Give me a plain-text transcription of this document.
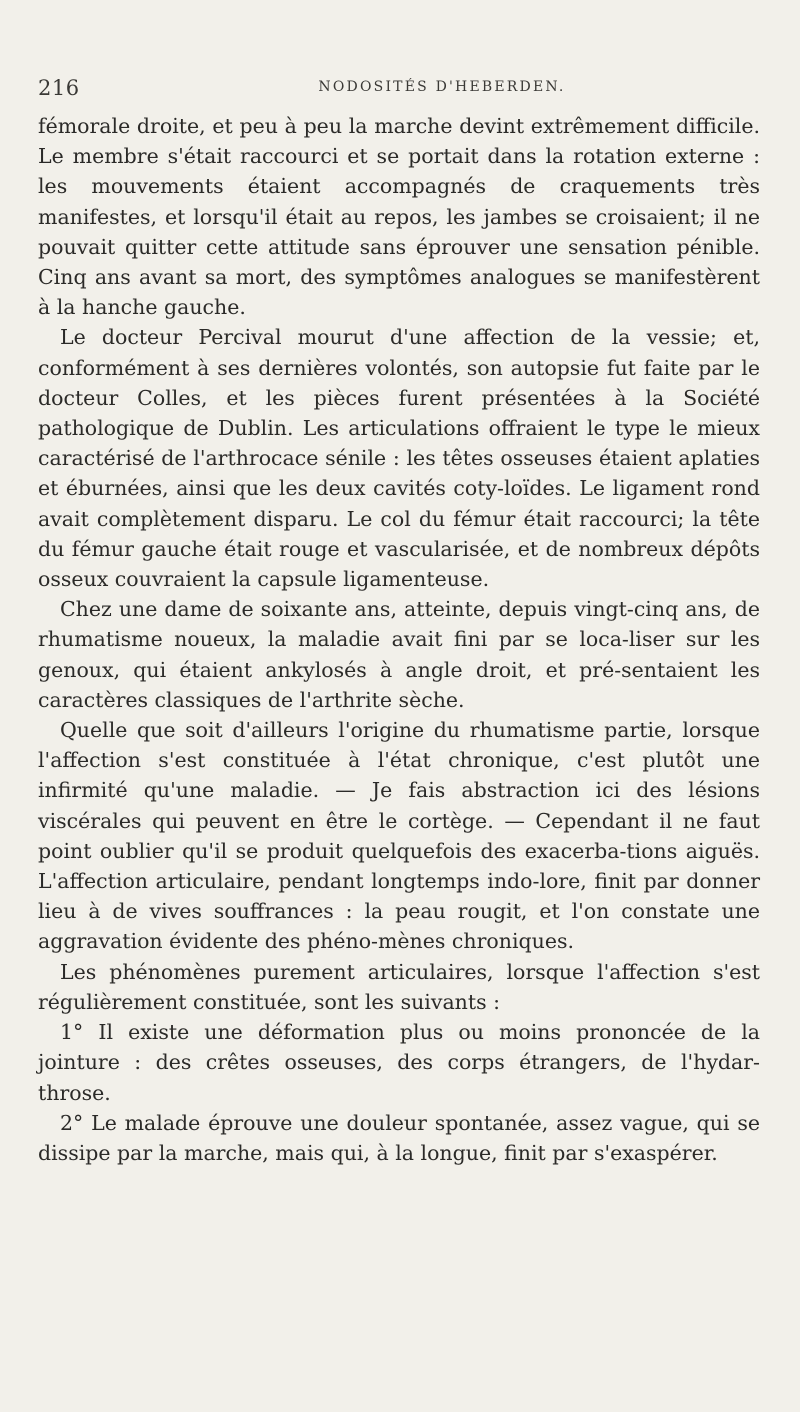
216	NODOSITÉS D'HEBERDEN.

fémorale droite, et peu à peu la marche devint extrêmement difficile. Le membre s'était raccourci et se portait dans la rotation externe : les mouvements étaient accompagnés de craquements très manifestes, et lorsqu'il était au repos, les jambes se croisaient; il ne pouvait quitter cette attitude sans éprouver une sensation pénible. Cinq ans avant sa mort, des symptômes analogues se manifestèrent à la hanche gauche.

Le docteur Percival mourut d'une affection de la vessie; et, conformément à ses dernières volontés, son autopsie fut faite par le docteur Colles, et les pièces furent présentées à la Société pathologique de Dublin. Les articulations offraient le type le mieux caractérisé de l'arthrocace sénile : les têtes osseuses étaient aplaties et éburnées, ainsi que les deux cavités coty-loïdes. Le ligament rond avait complètement disparu. Le col du fémur était raccourci; la tête du fémur gauche était rouge et vascularisée, et de nombreux dépôts osseux couvraient la capsule ligamenteuse.

Chez une dame de soixante ans, atteinte, depuis vingt-cinq ans, de rhumatisme noueux, la maladie avait fini par se loca-liser sur les genoux, qui étaient ankylosés à angle droit, et pré-sentaient les caractères classiques de l'arthrite sèche.

Quelle que soit d'ailleurs l'origine du rhumatisme partie, lorsque l'affection s'est constituée à l'état chronique, c'est plutôt une infirmité qu'une maladie. — Je fais abstraction ici des lésions viscérales qui peuvent en être le cortège. — Cependant il ne faut point oublier qu'il se produit quelquefois des exacerba-tions aiguës. L'affection articulaire, pendant longtemps indo-lore, finit par donner lieu à de vives souffrances : la peau rougit, et l'on constate une aggravation évidente des phéno-mènes chroniques.

Les phénomènes purement articulaires, lorsque l'affection s'est régulièrement constituée, sont les suivants :

1° Il existe une déformation plus ou moins prononcée de la jointure : des crêtes osseuses, des corps étrangers, de l'hydar-throse.

2° Le malade éprouve une douleur spontanée, assez vague, qui se dissipe par la marche, mais qui, à la longue, finit par s'exaspérer.
